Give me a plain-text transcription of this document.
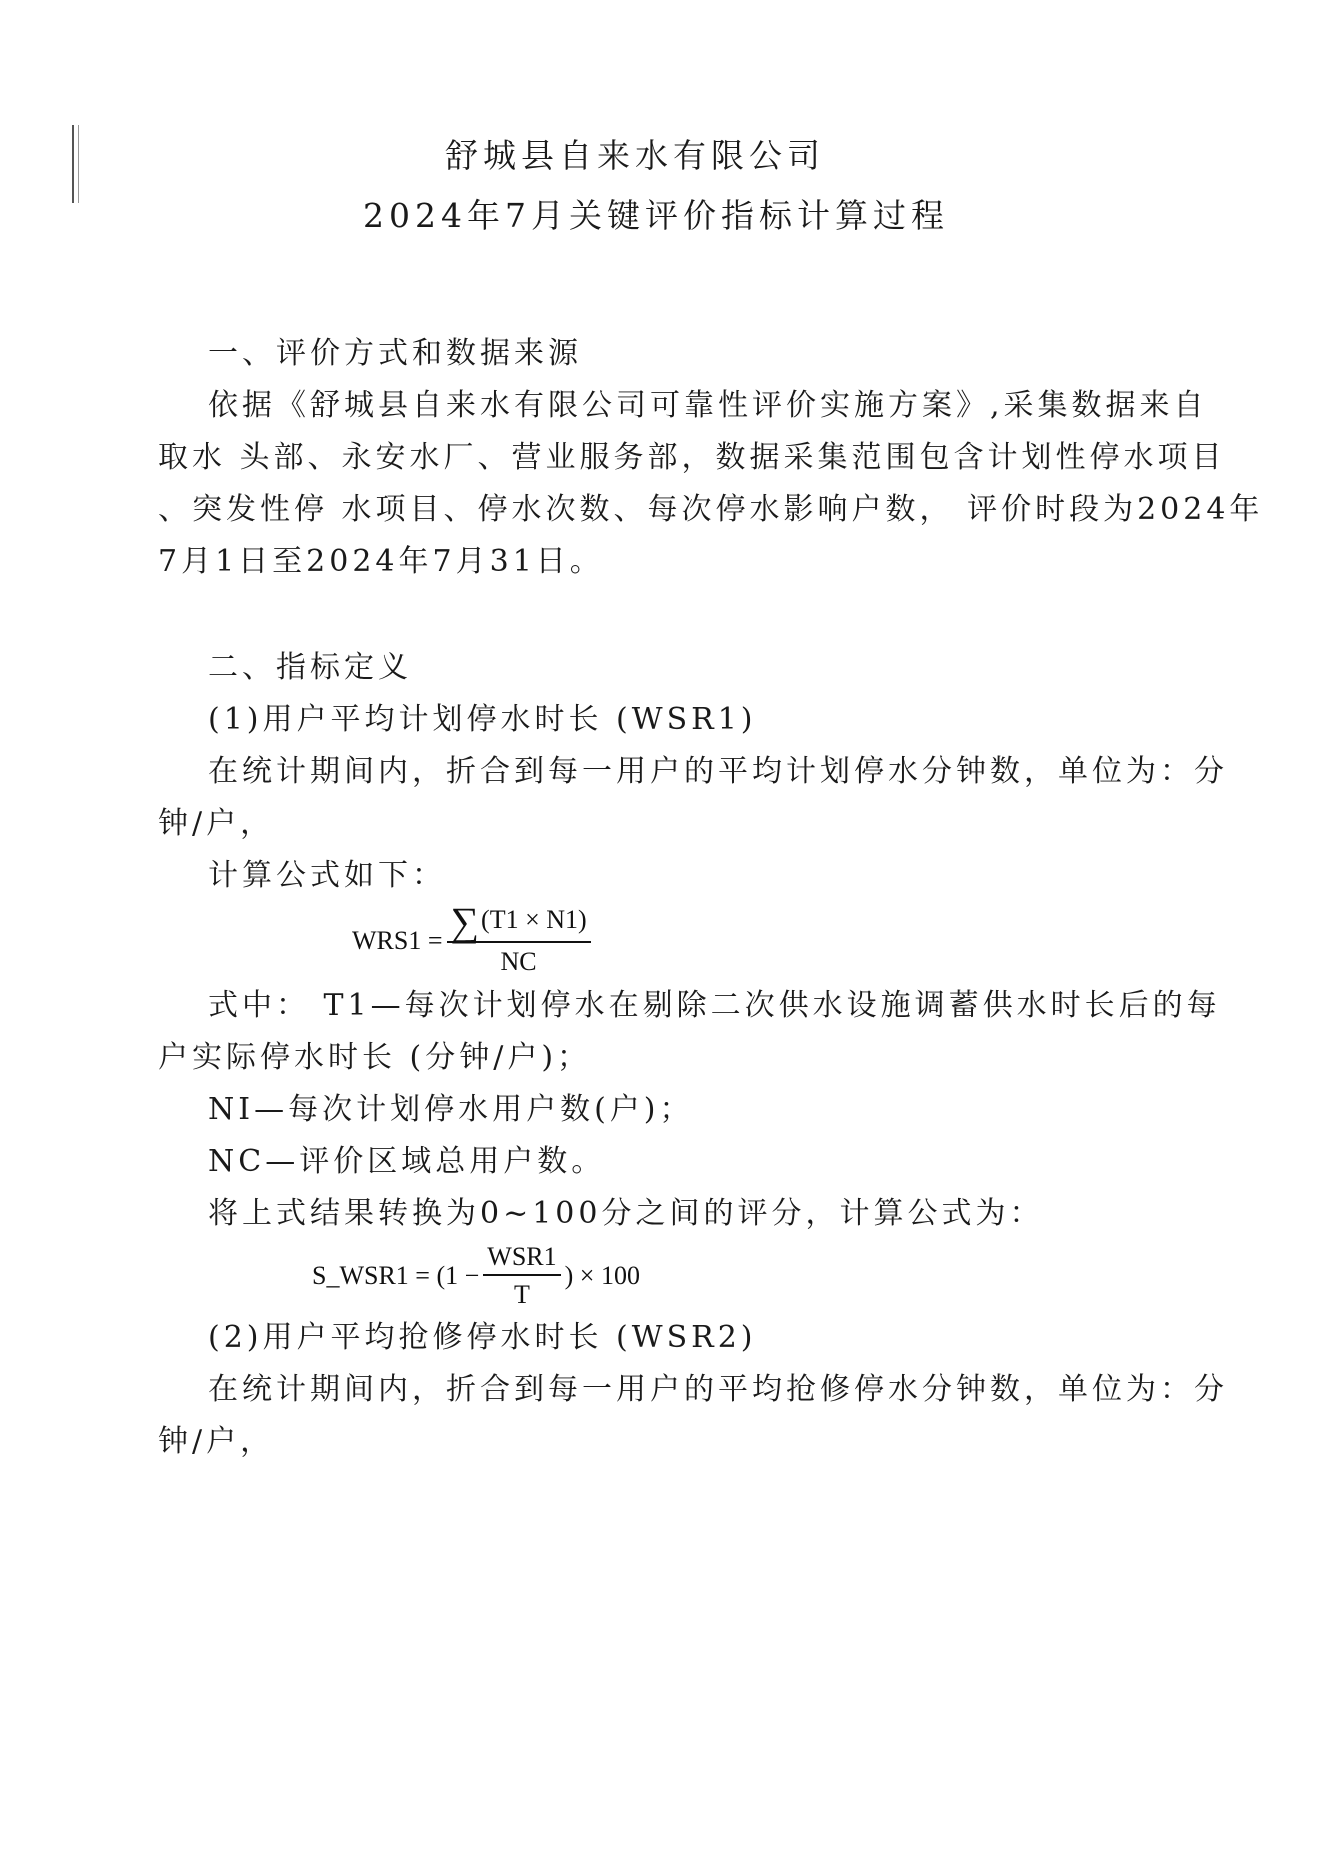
舒城县自来水有限公司
2024年7月关键评价指标计算过程
一、评价方式和数据来源
依据《舒城县自来水有限公司可靠性评价实施方案》,采集数据来自
取水 头部、永安水厂、营业服务部，数据采集范围包含计划性停水项目
、突发性停 水项目、停水次数、每次停水影响户数， 评价时段为2024年
7月1日至2024年7月31日。
二、指标定义
(1)用户平均计划停水时长 (WSR1)
在统计期间内，折合到每一用户的平均计划停水分钟数，单位为：分
钟/户，
计算公式如下：
$WRS1 = \frac{\sum(T1 \times N1)}{NC}$
式中： T1—每次计划停水在剔除二次供水设施调蓄供水时长后的每
户实际停水时长 (分钟/户)；
NI—每次计划停水用户数(户)；
NC—评价区域总用户数。
将上式结果转换为0~100分之间的评分，计算公式为：
S_WSR1 = ($1 - \frac{\text{WSR1}}{T}$ ) × 100
(2)用户平均抢修停水时长 (WSR2)
在统计期间内，折合到每一用户的平均抢修停水分钟数，单位为：分
钟/户，
